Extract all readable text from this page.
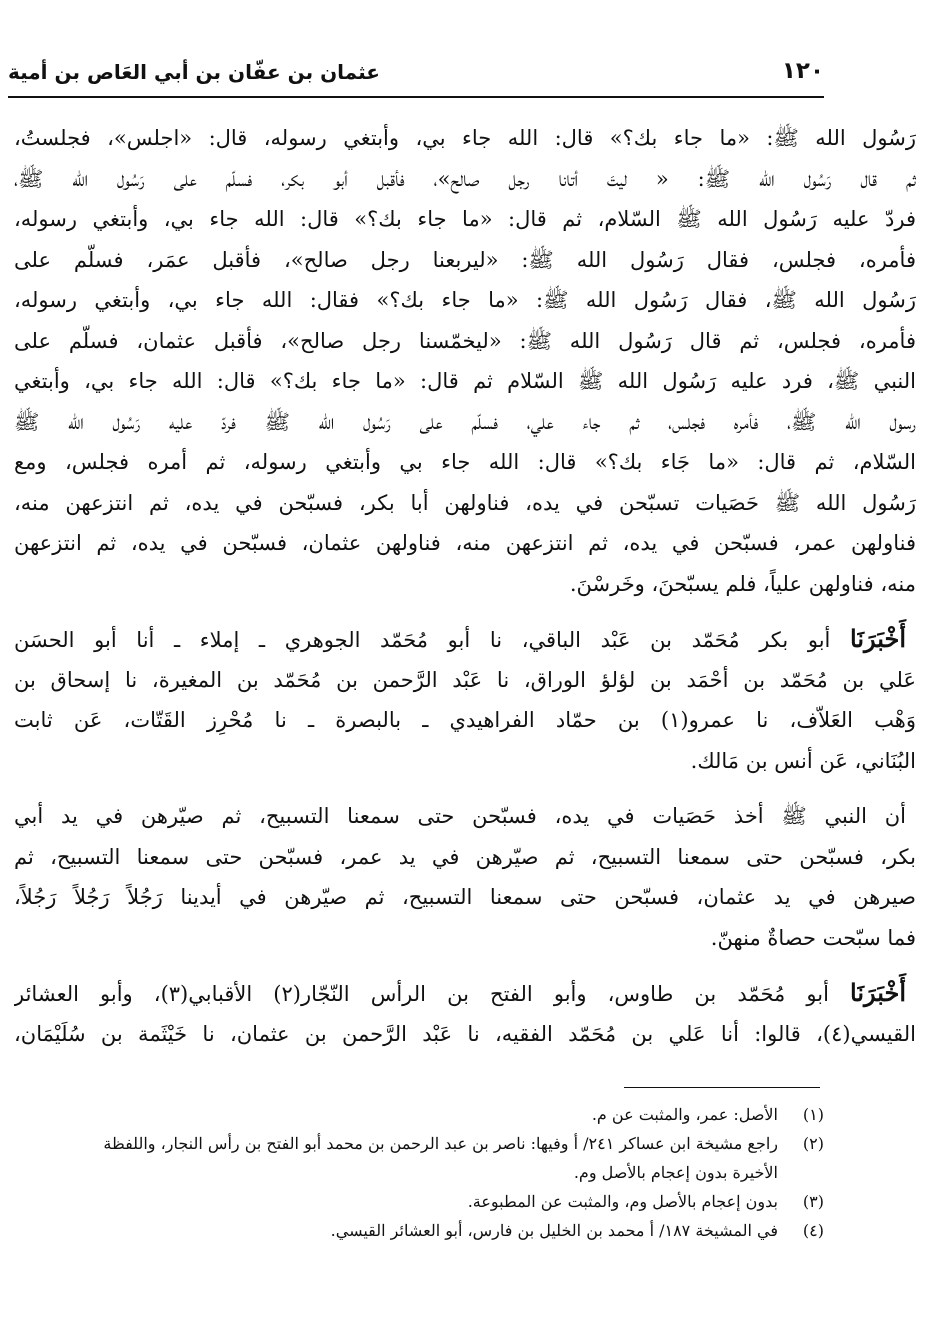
١٢٠
عثمان بن عفّان بن أبي العَاص بن أمية
رَسُول الله ﷺ: «ما جاء بك؟» قال: الله جاء بي، وأبتغي رسوله، قال: «اجلس»، فجلستُ،
ثم قال رَسُول الله ﷺ: « ليتَ أتانا رجل صالح»، فأقبل أبو بكر، فسلّم على رَسُول الله ﷺ،
فردّ عليه رَسُول الله ﷺ السّلام، ثم قال: «ما جاء بك؟» قال: الله جاء بي، وأبتغي رسوله،
فأمره، فجلس، فقال رَسُول الله ﷺ: «ليربعنا رجل صالح»، فأقبل عمَر، فسلّم على
رَسُول الله ﷺ، فقال رَسُول الله ﷺ: «ما جاء بك؟» فقال: الله جاء بي، وأبتغي رسوله،
فأمره، فجلس، ثم قال رَسُول الله ﷺ: «ليخمّسنا رجل صالح»، فأقبل عثمان، فسلّم على
النبي ﷺ، فرد عليه رَسُول الله ﷺ السّلام ثم قال: «ما جاء بك؟» قال: الله جاء بي، وأبتغي
رسول الله ﷺ، فأمره فجلس، ثم جاء علي، فسلّم على رَسُول الله ﷺ فردّ عليه رَسُول الله ﷺ
السّلام، ثم قال: «ما جَاء بك؟» قال: الله جاء بي وأبتغي رسوله، ثم أمره فجلس، ومع
رَسُول الله ﷺ حَصَيات تسبّحن في يده، فناولهن أبا بكر، فسبّحن في يده، ثم انتزعهن منه،
فناولهن عمر، فسبّحن في يده، ثم انتزعهن منه، فناولهن عثمان، فسبّحن في يده، ثم انتزعهن
منه، فناولهن علياً، فلم يسبّحنَ، وخَرسْنَ.
أَخْبَرَنَا أبو بكر مُحَمّد بن عَبْد الباقي، نا أبو مُحَمّد الجوهري ـ إملاء ـ أنا أبو الحسَن
عَلي بن مُحَمّد بن أحْمَد بن لؤلؤ الوراق، نا عَبْد الرَّحمن بن مُحَمّد بن المغيرة، نا إسحاق بن
وَهْب العَلاّف، نا عمرو(١) بن حمّاد الفراهيدي ـ بالبصرة ـ نا مُحْرِز القَتّات، عَن ثابت
البُنَاني، عَن أنس بن مَالك.
أن النبي ﷺ أخذ حَصَيات في يده، فسبّحن حتى سمعنا التسبيح، ثم صيّرهن في يد أبي
بكر، فسبّحن حتى سمعنا التسبيح، ثم صيّرهن في يد عمر، فسبّحن حتى سمعنا التسبيح، ثم
صيرهن في يد عثمان، فسبّحن حتى سمعنا التسبيح، ثم صيّرهن في أيدينا رَجُلاً رَجُلاً رَجُلاً،
فما سبّحت حصاةٌ منهنّ.
أَخْبَرَنَا أبو مُحَمّد بن طاوس، وأبو الفتح بن الرأس النّجّار(٢) الأقبابي(٣)، وأبو العشائر
القيسي(٤)، قالوا: أنا عَلي بن مُحَمّد الفقيه، نا عَبْد الرَّحمن بن عثمان، نا خَيْثَمة بن سُلَيْمَان،
(١)
الأصل: عمر، والمثبت عن م.
(٢)
راجع مشيخة ابن عساكر ٢٤١/ أ وفيها: ناصر بن عبد الرحمن بن محمد أبو الفتح بن رأس النجار، واللفظة
الأخيرة بدون إعجام بالأصل وم.
(٣)
بدون إعجام بالأصل وم، والمثبت عن المطبوعة.
(٤)
في المشيخة ١٨٧/ أ محمد بن الخليل بن فارس، أبو العشائر القيسي.
